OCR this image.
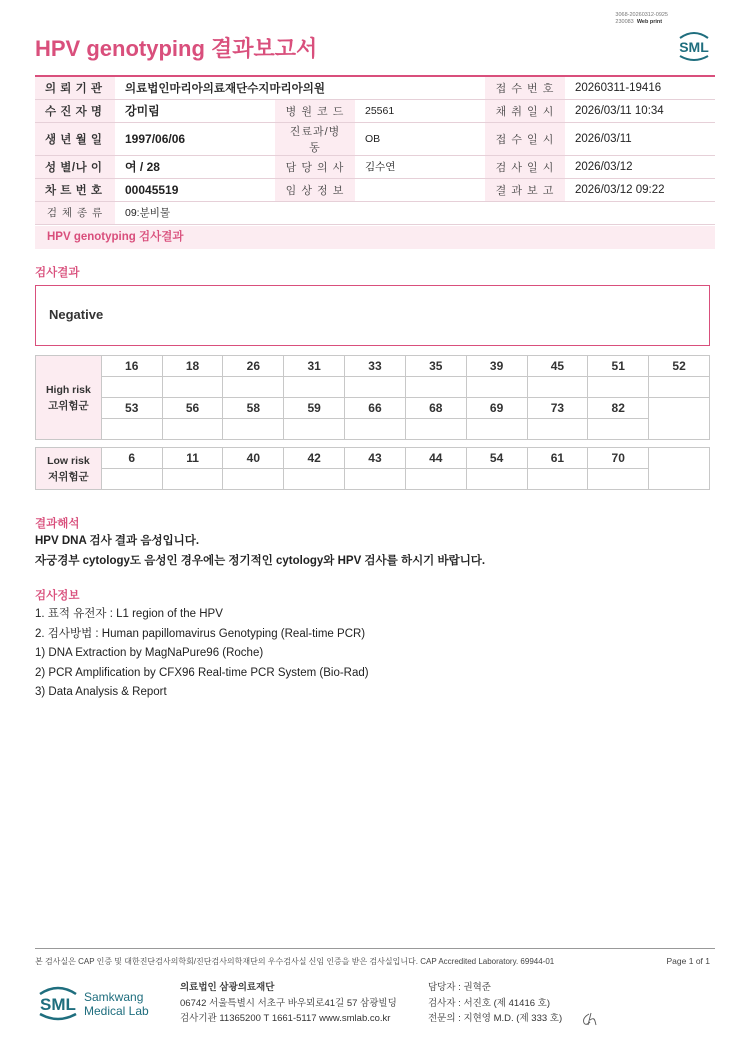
3068-20260312-0925
230083 Web print
HPV genotyping 결과보고서	SML
의 뢰 기 관	의료법인마리아의료재단수지마리아의원			접 수 번 호	20260311-19416
수 진 자 명	강미림	병 원 코 드	25561	채 취 일 시	2026/03/11 10:34
생 년 월 일	1997/06/06	진료과/병동	OB	접 수 일 시	2026/03/11
성 별/나 이	여 / 28	담 당 의 사	김수연	검 사 일 시	2026/03/12
차 트 번 호	00045519	임 상 정 보		결 과 보 고	2026/03/12 09:22
검 체 종 류	09:분비물				
HPV genotyping 검사결과
검사결과
Negative
High risk
고위험군	16	18	26	31	33	35	39	45	51	52

	53	56	58	59	66	68	69	73	82	

Low risk
저위험군	6	11	40	42	43	44	54	61	70	

결과해석
HPV DNA 검사 결과 음성입니다.
자궁경부 cytology도 음성인 경우에는 정기적인 cytology와 HPV 검사를 하시기 바랍니다.
검사정보
1. 표적 유전자 : L1 region of the HPV
2. 검사방법 : Human papillomavirus Genotyping (Real-time PCR)
1) DNA Extraction by MagNaPure96 (Roche)
2) PCR Amplification by CFX96 Real-time PCR System (Bio-Rad)
3) Data Analysis & Report
본 검사실은 CAP 인증 및 대한진단검사의학회/진단검사의학재단의 우수검사실 신임 인증을 받은 검사실입니다. CAP Accredited Laboratory. 69944-01	Page 1 of 1
SML Samkwang
Medical Lab
의료법인 삼광의료재단
06742 서울특별시 서초구 바우뫼로41길 57 삼광빌딩
검사기관 11365200 T 1661-5117 www.smlab.co.kr
담당자 : 권혁준
검사자 : 서진호 (제 41416 호)
전문의 : 지현영 M.D. (제 333 호)
